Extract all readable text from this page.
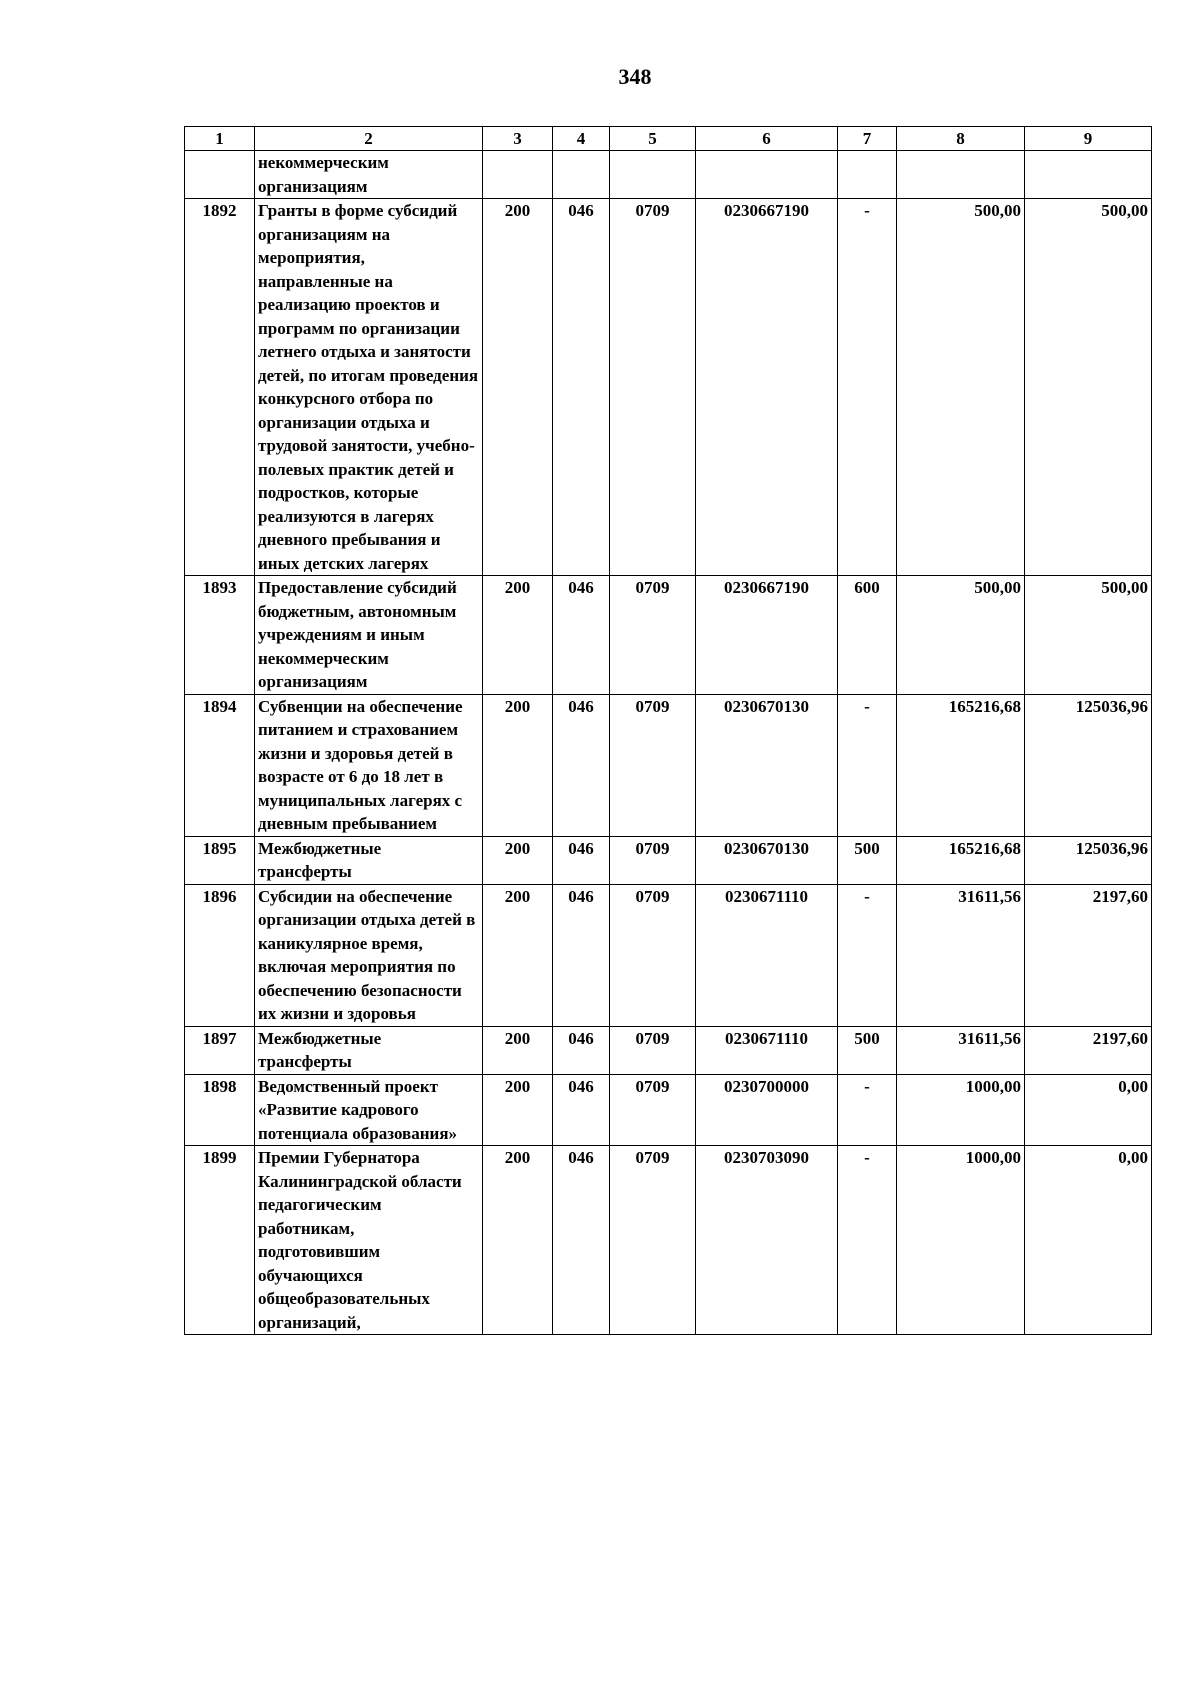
348
1	2	3	4	5	6	7	8	9
	некоммерческим организациям							
1892	Гранты в форме субсидий организациям на мероприятия, направленные на реализацию проектов и программ по организации летнего отдыха и занятости детей, по итогам проведения конкурсного отбора по организации отдыха и трудовой занятости, учебно-полевых практик детей и подростков, которые реализуются в лагерях дневного пребывания и иных детских лагерях	200	046	0709	0230667190	-	500,00	500,00
1893	Предоставление субсидий бюджетным, автономным учреждениям и иным некоммерческим организациям	200	046	0709	0230667190	600	500,00	500,00
1894	Субвенции на обеспечение питанием и страхованием жизни и здоровья детей в возрасте от 6 до 18 лет в муниципальных лагерях с дневным пребыванием	200	046	0709	0230670130	-	165216,68	125036,96
1895	Межбюджетные трансферты	200	046	0709	0230670130	500	165216,68	125036,96
1896	Субсидии на обеспечение организации отдыха детей в каникулярное время, включая мероприятия по обеспечению безопасности их жизни и здоровья	200	046	0709	0230671110	-	31611,56	2197,60
1897	Межбюджетные трансферты	200	046	0709	0230671110	500	31611,56	2197,60
1898	Ведомственный проект «Развитие кадрового потенциала образования»	200	046	0709	0230700000	-	1000,00	0,00
1899	Премии Губернатора Калининградской области педагогическим работникам, подготовившим обучающихся общеобразовательных организаций,	200	046	0709	0230703090	-	1000,00	0,00
